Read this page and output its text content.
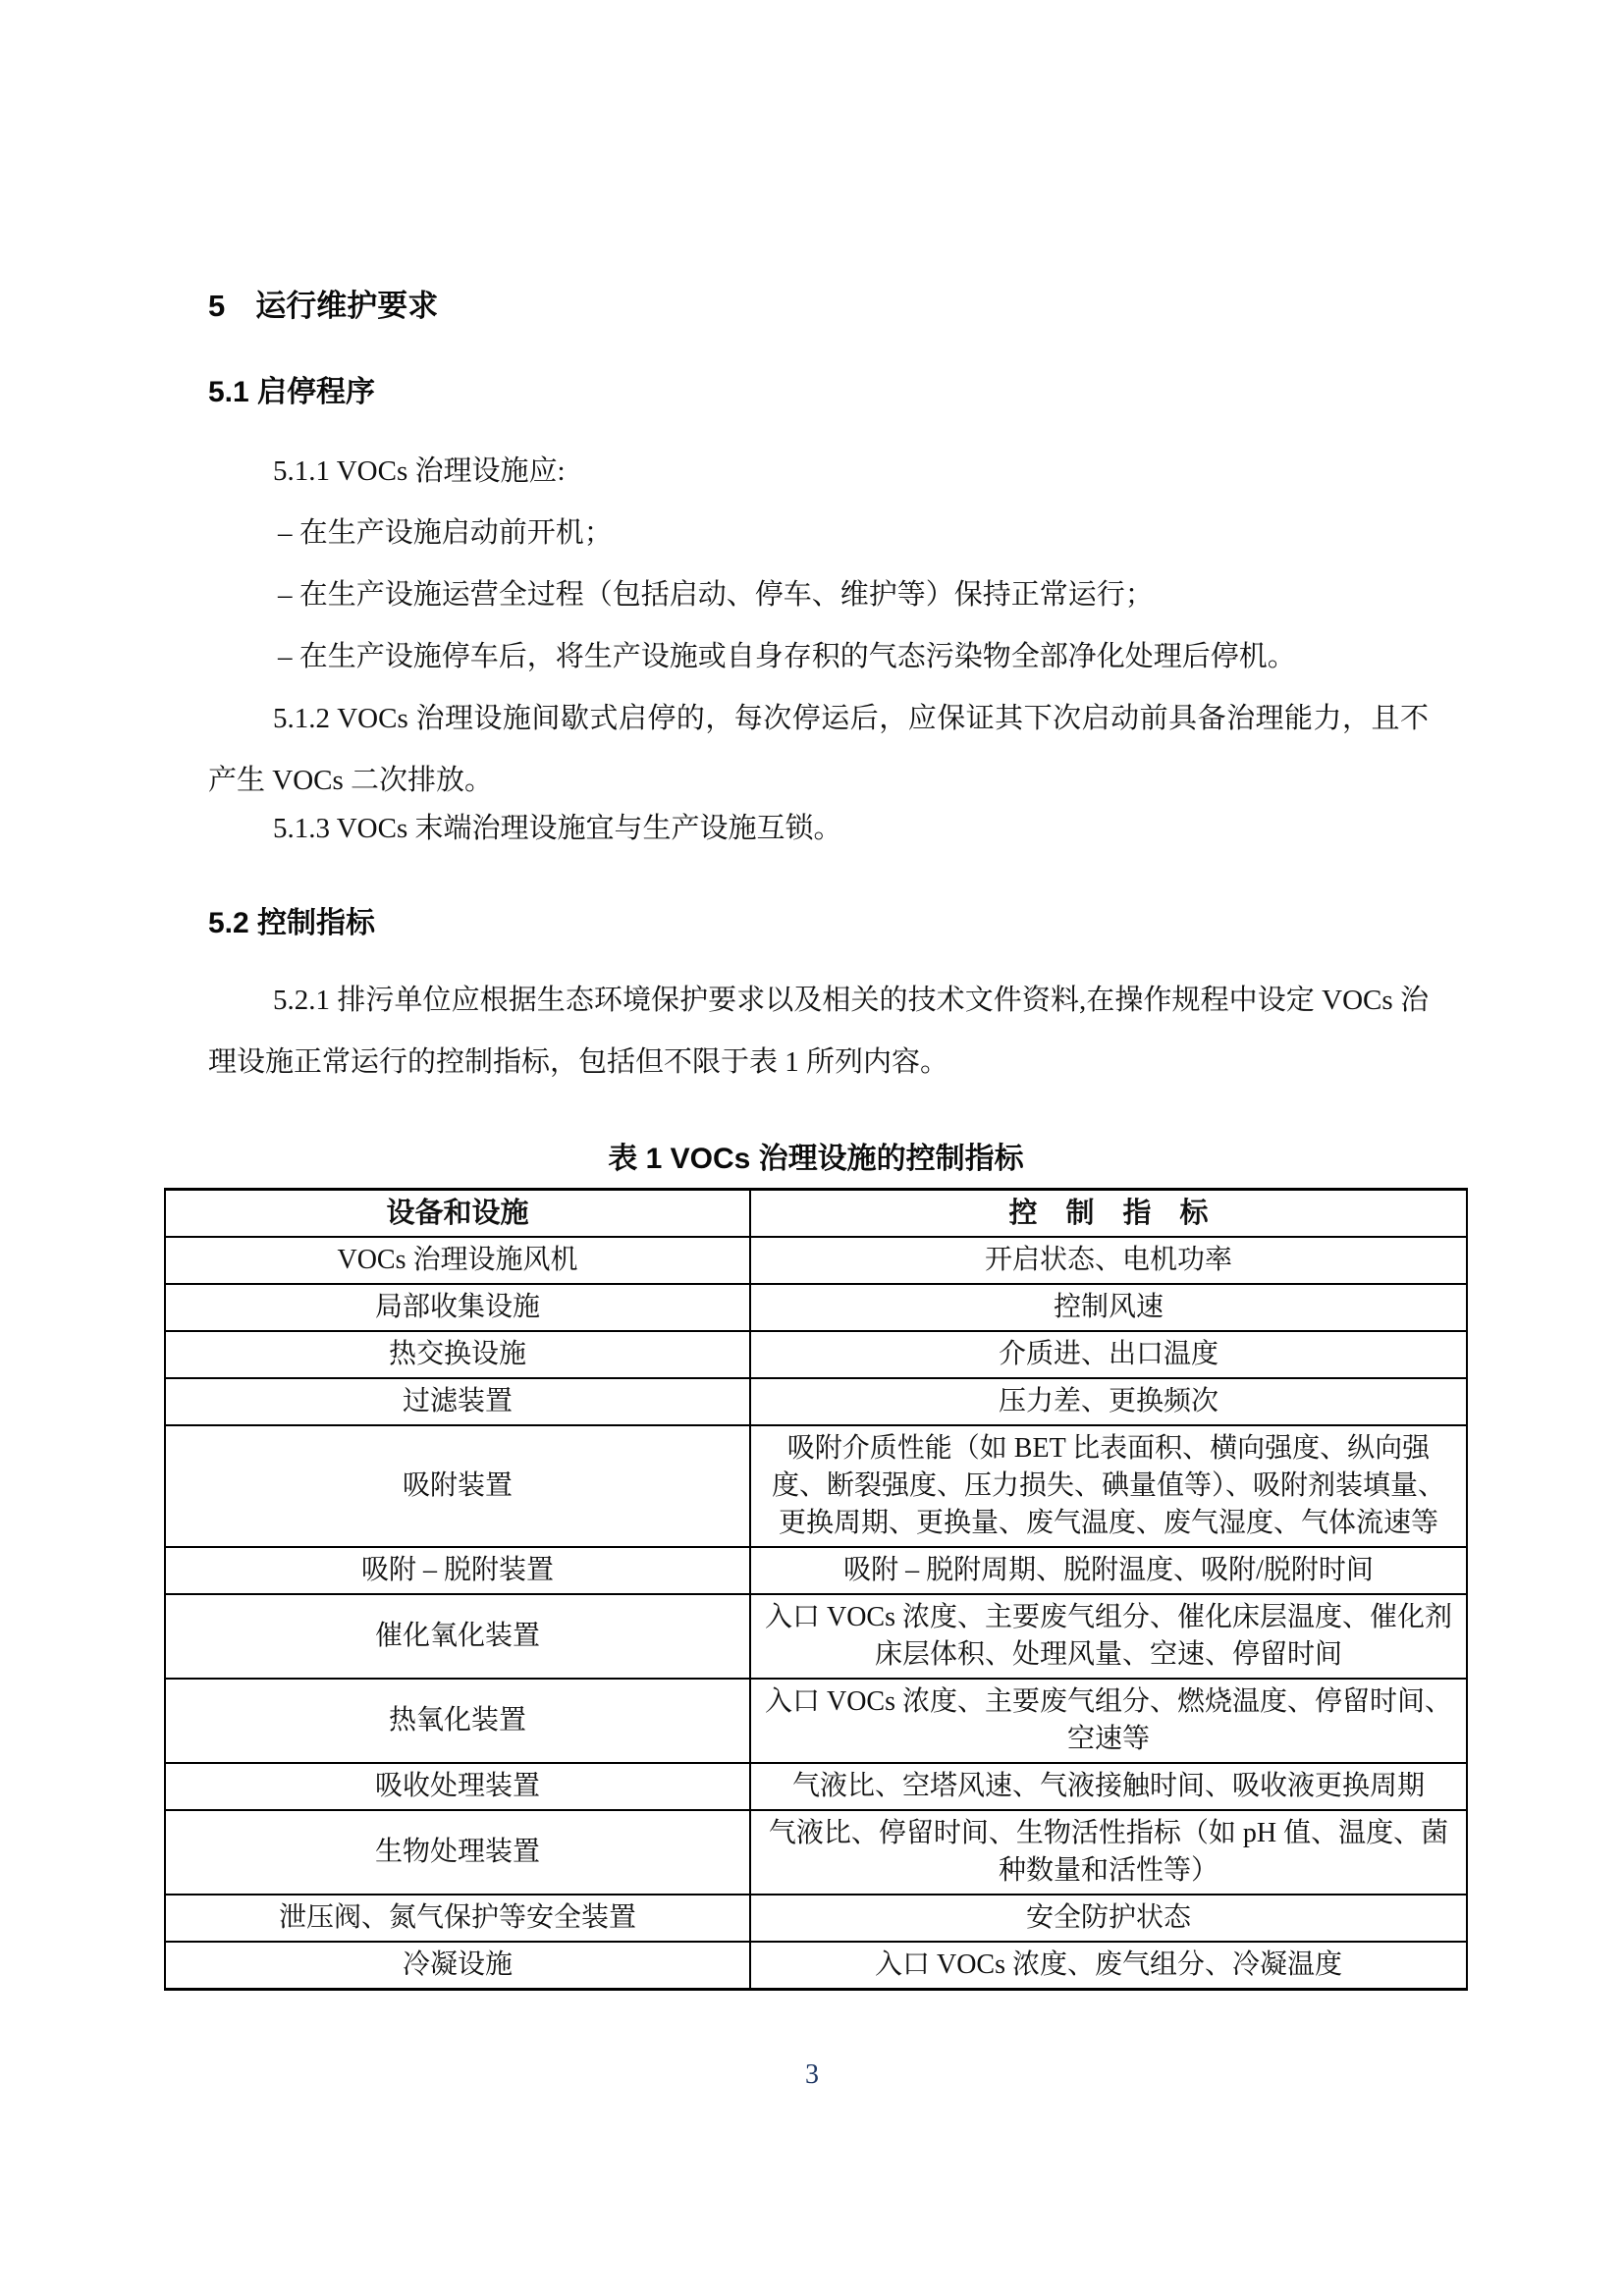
5　运行维护要求
5.1 启停程序

5.1.1 VOCs 治理设施应:

– 在生产设施启动前开机；

– 在生产设施运营全过程（包括启动、停车、维护等）保持正常运行；

– 在生产设施停车后，将生产设施或自身存积的气态污染物全部净化处理后停机。

5.1.2 VOCs 治理设施间歇式启停的，每次停运后，应保证其下次启动前具备治理能力，且不产生 VOCs 二次排放。

5.1.3 VOCs 末端治理设施宜与生产设施互锁。

5.2 控制指标

5.2.1 排污单位应根据生态环境保护要求以及相关的技术文件资料,在操作规程中设定 VOCs 治理设施正常运行的控制指标，包括但不限于表 1 所列内容。

表 1 VOCs 治理设施的控制指标
设备和设施	控　制　指　标
VOCs 治理设施风机	开启状态、电机功率
局部收集设施	控制风速
热交换设施	介质进、出口温度
过滤装置	压力差、更换频次
吸附装置	吸附介质性能（如 BET 比表面积、横向强度、纵向强度、断裂强度、压力损失、碘量值等）、吸附剂装填量、更换周期、更换量、废气温度、废气湿度、气体流速等
吸附 – 脱附装置	吸附 – 脱附周期、脱附温度、吸附/脱附时间
催化氧化装置	入口 VOCs 浓度、主要废气组分、催化床层温度、催化剂床层体积、处理风量、空速、停留时间
热氧化装置	入口 VOCs 浓度、主要废气组分、燃烧温度、停留时间、空速等
吸收处理装置	气液比、空塔风速、气液接触时间、吸收液更换周期
生物处理装置	气液比、停留时间、生物活性指标（如 pH 值、温度、菌种数量和活性等）
泄压阀、氮气保护等安全装置	安全防护状态
冷凝设施	入口 VOCs 浓度、废气组分、冷凝温度
3
